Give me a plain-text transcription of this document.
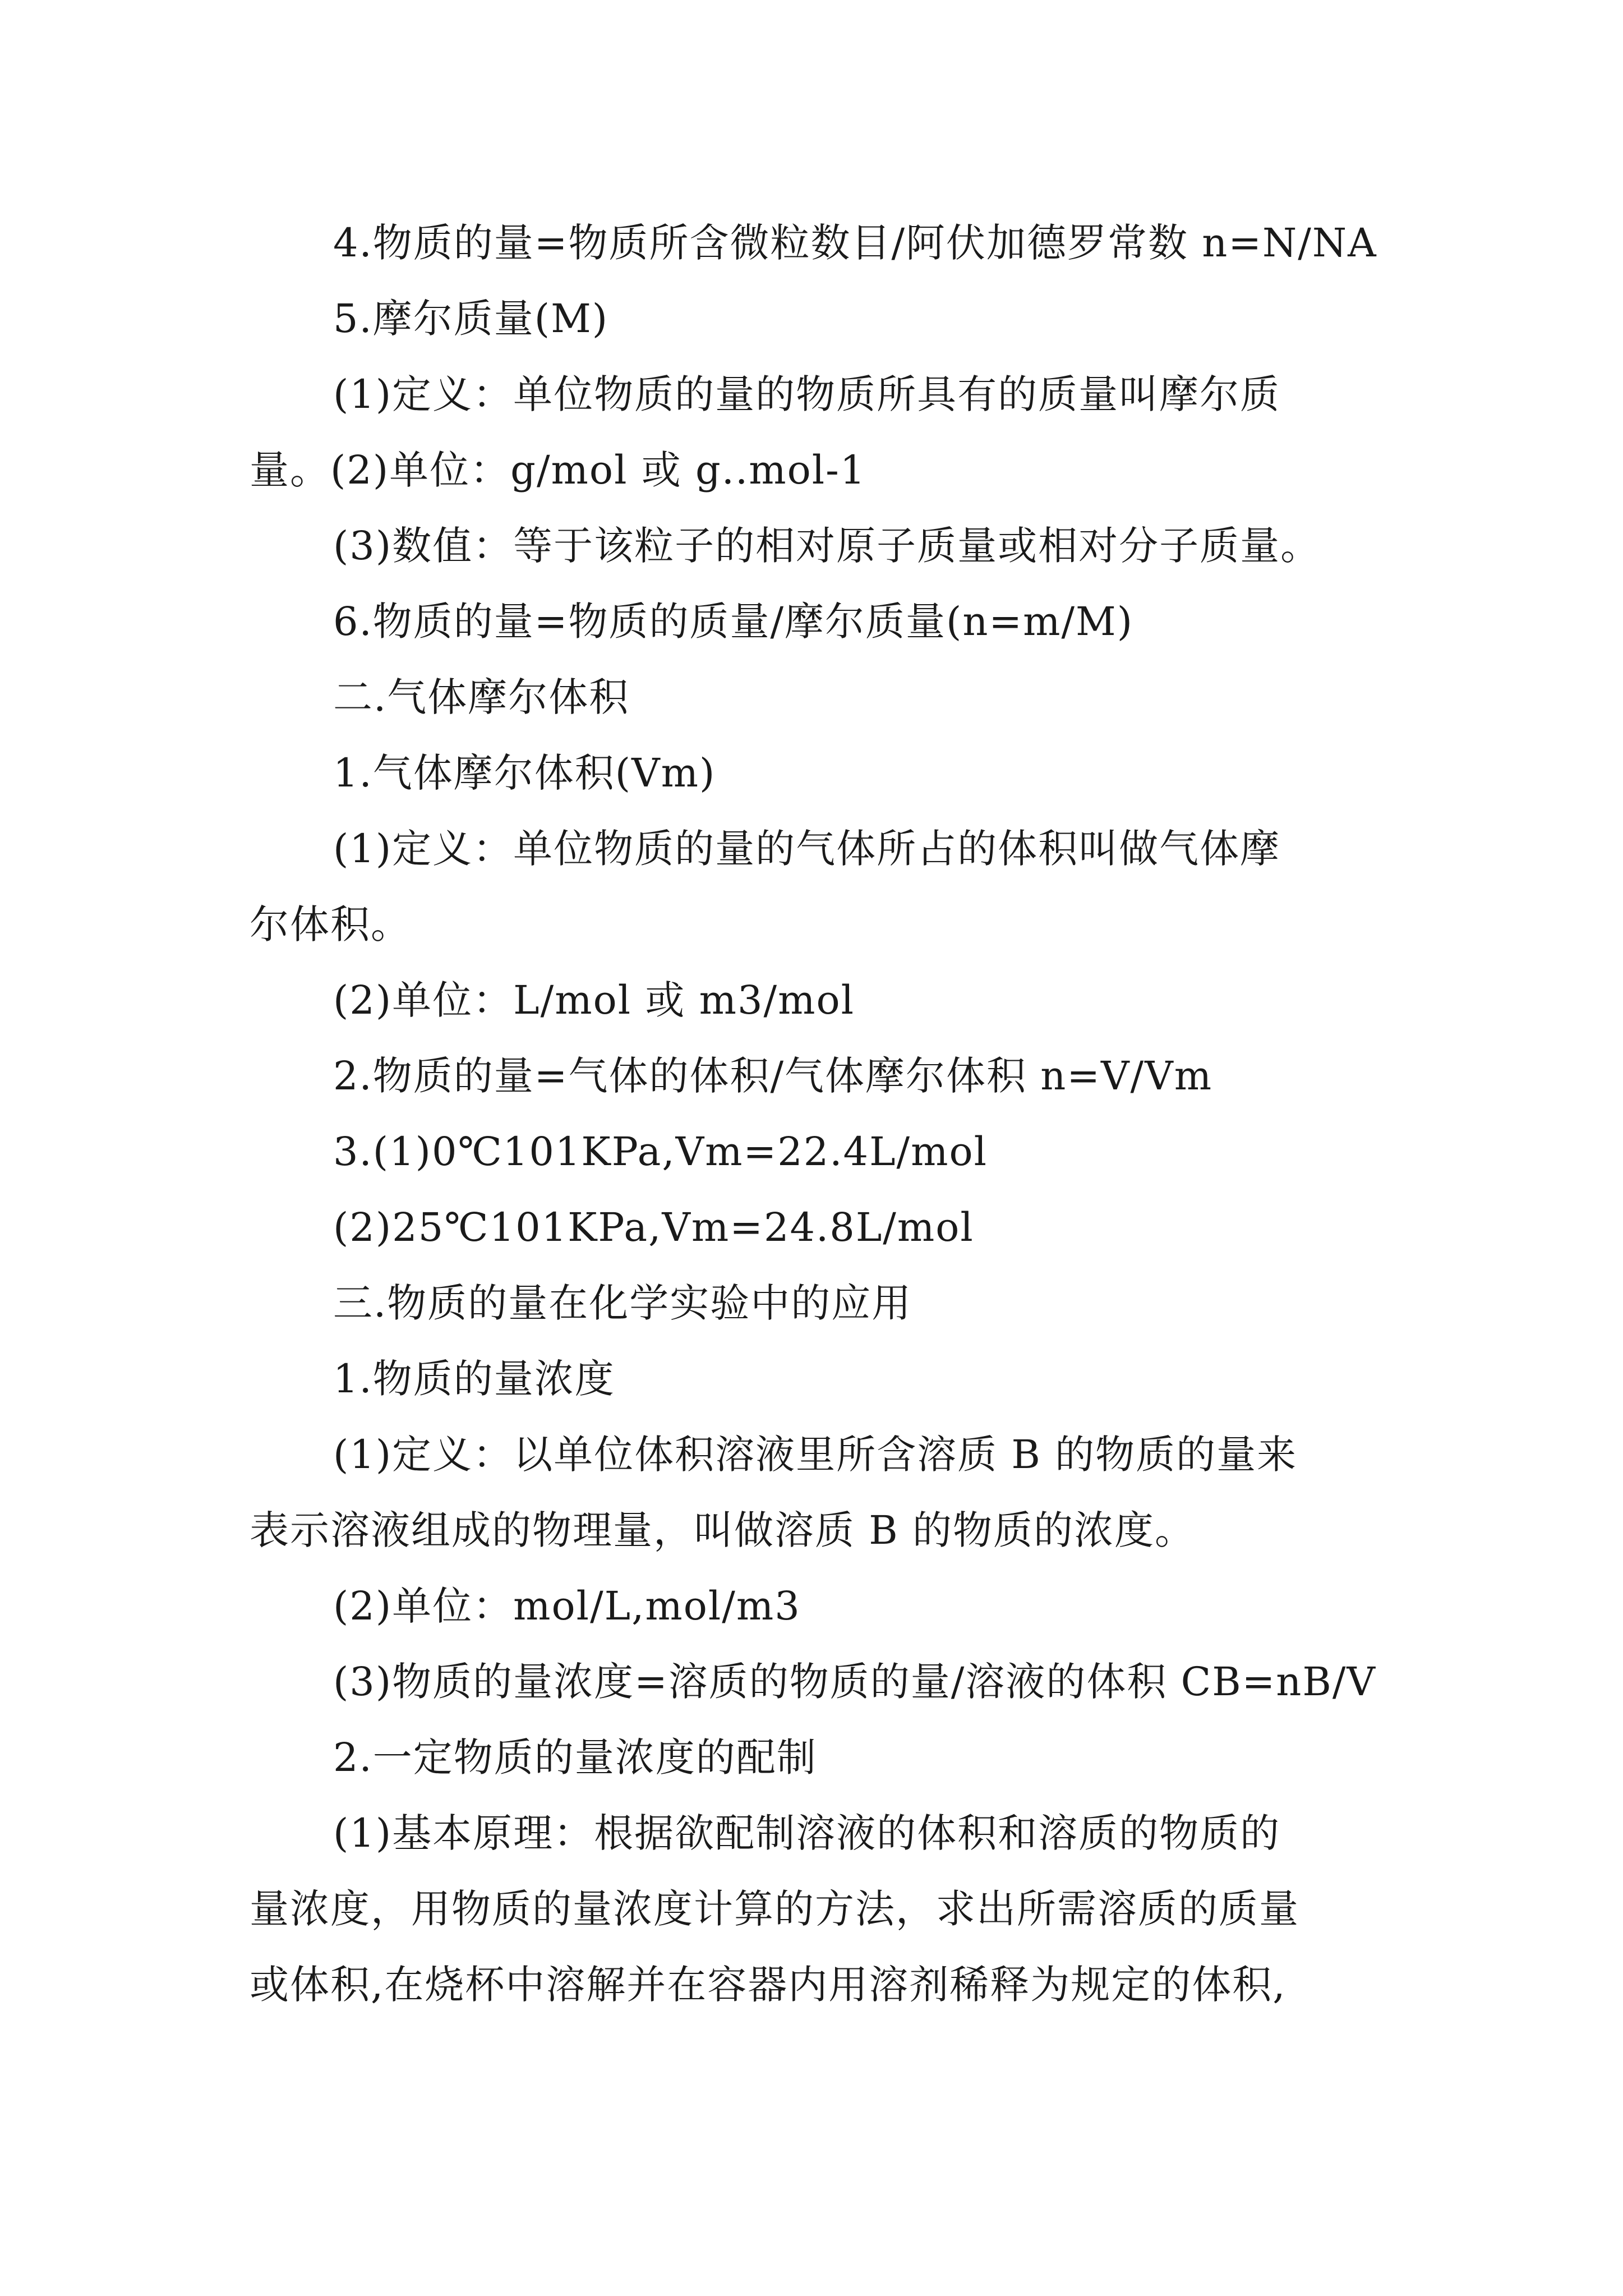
4.物质的量=物质所含微粒数目/阿伏加德罗常数 n=N/NA
5.摩尔质量(M)
(1)定义：单位物质的量的物质所具有的质量叫摩尔质
量。(2)单位：g/mol 或 g..mol-1
(3)数值：等于该粒子的相对原子质量或相对分子质量。
6.物质的量=物质的质量/摩尔质量(n=m/M)
二.气体摩尔体积
1.气体摩尔体积(Vm)
(1)定义：单位物质的量的气体所占的体积叫做气体摩
尔体积。
(2)单位：L/mol 或 m3/mol
2.物质的量=气体的体积/气体摩尔体积 n=V/Vm
3.(1)0℃101KPa,Vm=22.4L/mol
(2)25℃101KPa,Vm=24.8L/mol
三.物质的量在化学实验中的应用
1.物质的量浓度
(1)定义：以单位体积溶液里所含溶质 B 的物质的量来
表示溶液组成的物理量，叫做溶质 B 的物质的浓度。
(2)单位：mol/L,mol/m3
(3)物质的量浓度=溶质的物质的量/溶液的体积 CB=nB/V
2.一定物质的量浓度的配制
(1)基本原理：根据欲配制溶液的体积和溶质的物质的
量浓度，用物质的量浓度计算的方法，求出所需溶质的质量
或体积,在烧杯中溶解并在容器内用溶剂稀释为规定的体积,
